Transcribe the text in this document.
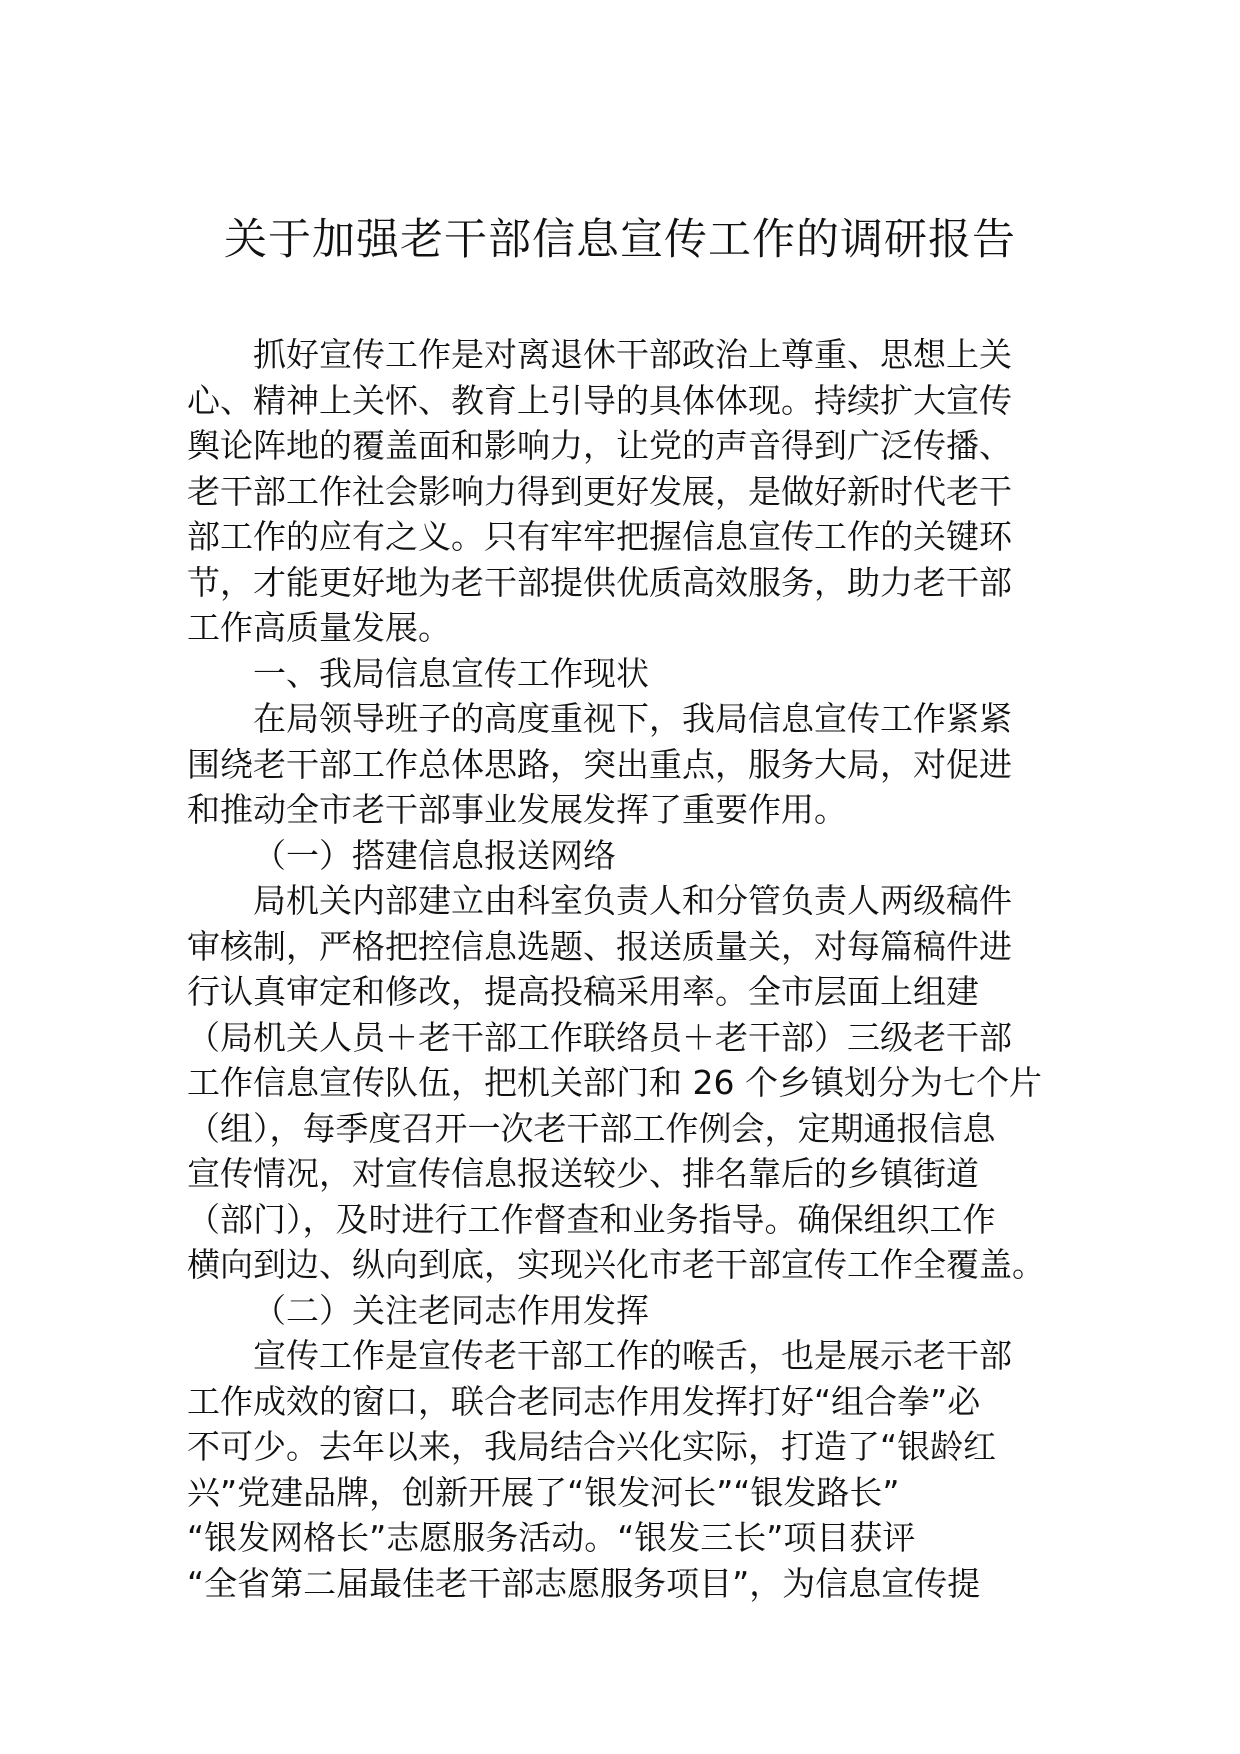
关于加强老干部信息宣传工作的调研报告
抓好宣传工作是对离退休干部政治上尊重、思想上关
心、精神上关怀、教育上引导的具体体现。持续扩大宣传
舆论阵地的覆盖面和影响力，让党的声音得到广泛传播、
老干部工作社会影响力得到更好发展，是做好新时代老干
部工作的应有之义。只有牢牢把握信息宣传工作的关键环
节，才能更好地为老干部提供优质高效服务，助力老干部
工作高质量发展。
一、我局信息宣传工作现状
在局领导班子的高度重视下，我局信息宣传工作紧紧
围绕老干部工作总体思路，突出重点，服务大局，对促进
和推动全市老干部事业发展发挥了重要作用。
（一）搭建信息报送网络
局机关内部建立由科室负责人和分管负责人两级稿件
审核制，严格把控信息选题、报送质量关，对每篇稿件进
行认真审定和修改，提高投稿采用率。全市层面上组建
（局机关人员＋老干部工作联络员＋老干部）三级老干部
工作信息宣传队伍，把机关部门和 26 个乡镇划分为七个片
（组），每季度召开一次老干部工作例会，定期通报信息
宣传情况，对宣传信息报送较少、排名靠后的乡镇街道
（部门），及时进行工作督查和业务指导。确保组织工作
横向到边、纵向到底，实现兴化市老干部宣传工作全覆盖。
（二）关注老同志作用发挥
宣传工作是宣传老干部工作的喉舌，也是展示老干部
工作成效的窗口，联合老同志作用发挥打好“组合拳”必
不可少。去年以来，我局结合兴化实际，打造了“银龄红
兴”党建品牌，创新开展了“银发河长”“银发路长”
“银发网格长”志愿服务活动。“银发三长”项目获评
“全省第二届最佳老干部志愿服务项目”，为信息宣传提
